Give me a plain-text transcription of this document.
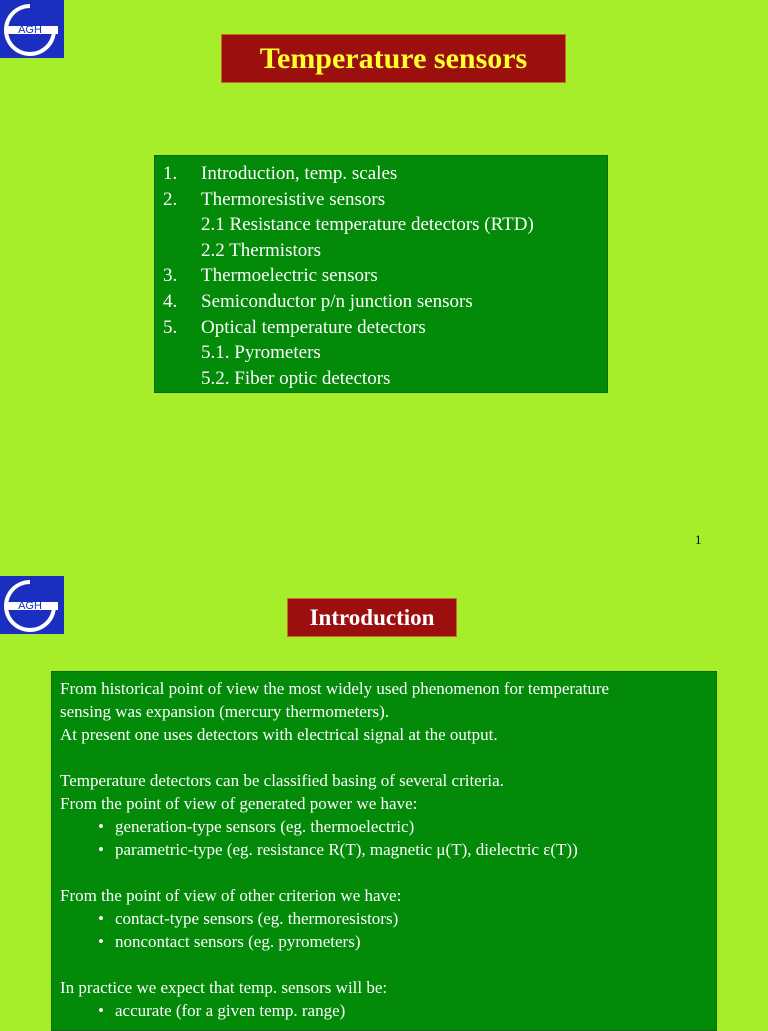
AGH
Temperature sensors
1. Introduction, temp. scales
2. Thermoresistive sensors
2.1 Resistance temperature detectors (RTD)
2.2 Thermistors
3. Thermoelectric sensors
4. Semiconductor p/n junction sensors
5. Optical temperature detectors
5.1. Pyrometers
5.2. Fiber optic detectors
1
AGH	Introduction
From historical point of view the most widely used phenomenon for temperature
sensing was expansion (mercury thermometers).
At present one uses detectors with electrical signal at the output.
Temperature detectors can be classified basing of several criteria.
From the point of view of generated power we have:
• generation-type sensors (eg. thermoelectric)
• parametric-type (eg. resistance R(T), magnetic μ(T), dielectric ε(T))
From the point of view of other criterion we have:
• contact-type sensors (eg. thermoresistors)
• noncontact sensors (eg. pyrometers)
In practice we expect that temp. sensors will be:
• accurate (for a given temp. range)
